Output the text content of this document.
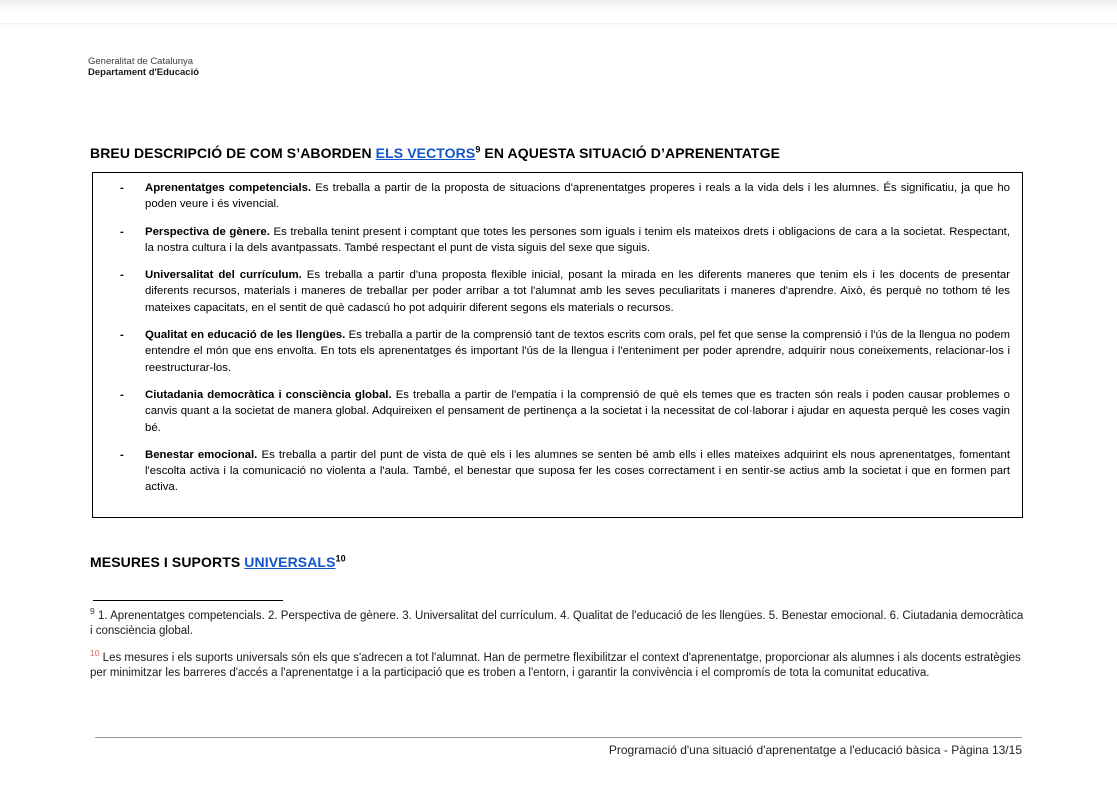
Generalitat de Catalunya
Departament d'Educació
BREU DESCRIPCIÓ DE COM S’ABORDEN ELS VECTORS$^9$ EN AQUESTA SITUACIÓ D’APRENENTATGE
- Aprenentatges competencials. Es treballa a partir de la proposta de situacions d'aprenentatges properes i reals a la vida dels i les alumnes. És significatiu, ja que ho poden veure i és vivencial.
- Perspectiva de gènere. Es treballa tenint present i comptant que totes les persones som iguals i tenim els mateixos drets i obligacions de cara a la societat. Respectant, la nostra cultura i la dels avantpassats. També respectant el punt de vista siguis del sexe que siguis.
- Universalitat del currículum. Es treballa a partir d'una proposta flexible inicial, posant la mirada en les diferents maneres que tenim els i les docents de presentar diferents recursos, materials i maneres de treballar per poder arribar a tot l'alumnat amb les seves peculiaritats i maneres d'aprendre. Això, és perquè no tothom té les mateixes capacitats, en el sentit de què cadascú ho pot adquirir diferent segons els materials o recursos.
- Qualitat en educació de les llengües. Es treballa a partir de la comprensió tant de textos escrits com orals, pel fet que sense la comprensió i l'ús de la llengua no podem entendre el món que ens envolta. En tots els aprenentatges és important l'ús de la llengua i l'enteniment per poder aprendre, adquirir nous coneixements, relacionar-los i reestructurar-los.
- Ciutadania democràtica i consciència global. Es treballa a partir de l'empatia i la comprensió de què els temes que es tracten són reals i poden causar problemes o canvis quant a la societat de manera global. Adquireixen el pensament de pertinença a la societat i la necessitat de col·laborar i ajudar en aquesta perquè les coses vagin bé.
- Benestar emocional. Es treballa a partir del punt de vista de què els i les alumnes se senten bé amb ells i elles mateixes adquirint els nous aprenentatges, fomentant l'escolta activa i la comunicació no violenta a l'aula. També, el benestar que suposa fer les coses correctament i en sentir-se actius amb la societat i que en formen part activa.
MESURES I SUPORTS UNIVERSALS$^{10}$
$^9$ 1. Aprenentatges competencials. 2. Perspectiva de gènere. 3. Universalitat del currículum. 4. Qualitat de l'educació de les llengües. 5. Benestar emocional. 6. Ciutadania democràtica i consciència global.
$^{10}$ Les mesures i els suports universals són els que s'adrecen a tot l'alumnat. Han de permetre flexibilitzar el context d'aprenentatge, proporcionar als alumnes i als docents estratègies per minimitzar les barreres d'accés a l'aprenentatge i a la participació que es troben a l'entorn, i garantir la convivència i el compromís de tota la comunitat educativa.
Programació d'una situació d'aprenentatge a l'educació bàsica - Pàgina 13/15
